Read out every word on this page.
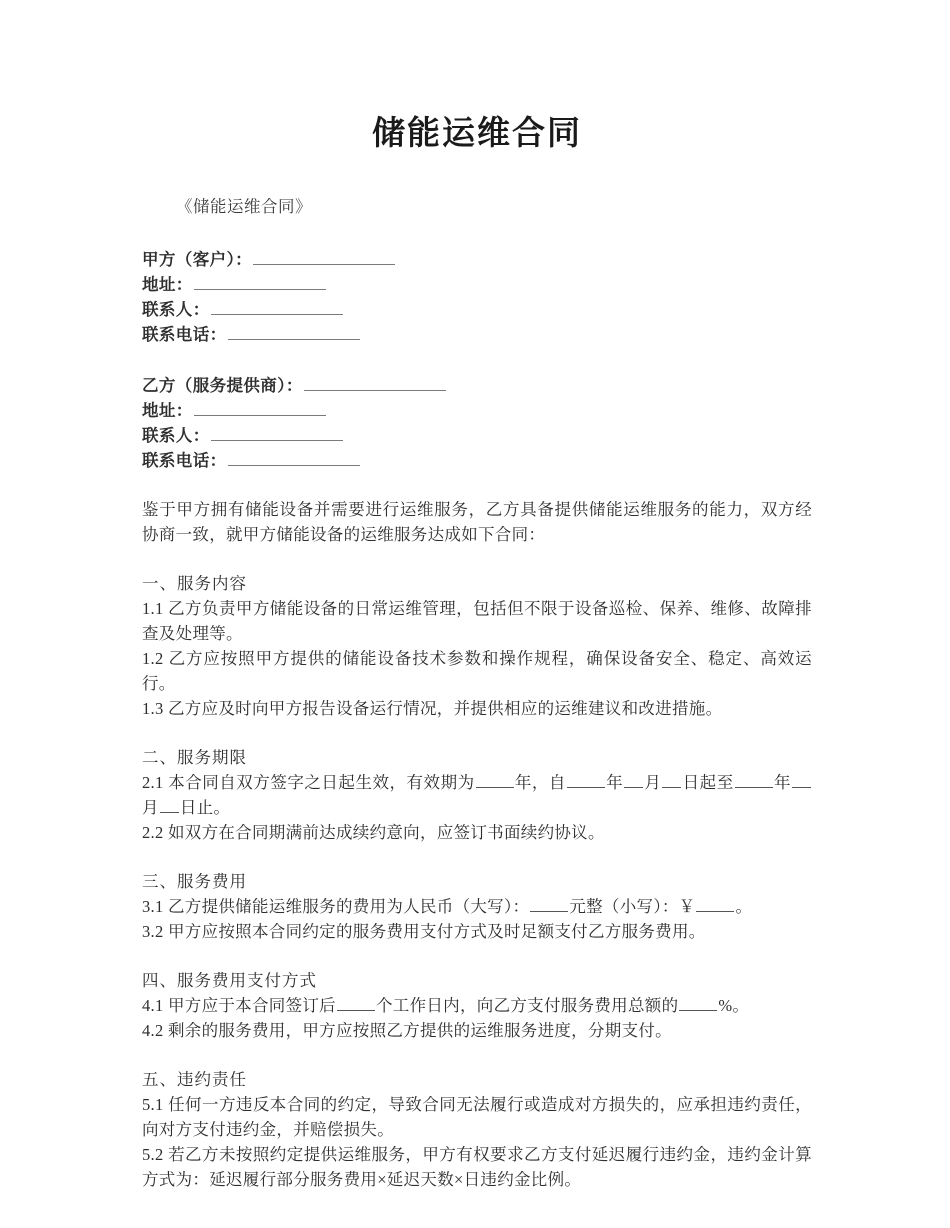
储能运维合同
《储能运维合同》
甲方（客户）：
地址：
联系人：
联系电话：
乙方（服务提供商）：
地址：
联系人：
联系电话：

鉴于甲方拥有储能设备并需要进行运维服务，乙方具备提供储能运维服务的能力，双方经协商一致，就甲方储能设备的运维服务达成如下合同：

一、服务内容

1.1 乙方负责甲方储能设备的日常运维管理，包括但不限于设备巡检、保养、维修、故障排查及处理等。

1.2 乙方应按照甲方提供的储能设备技术参数和操作规程，确保设备安全、稳定、高效运行。

1.3 乙方应及时向甲方报告设备运行情况，并提供相应的运维建议和改进措施。

二、服务期限

2.1 本合同自双方签字之日起生效，有效期为 年，自 年 月 日起至 年月 日止。

2.2 如双方在合同期满前达成续约意向，应签订书面续约协议。

三、服务费用

3.1 乙方提供储能运维服务的费用为人民币（大写）： 元整（小写）：￥ 。

3.2 甲方应按照本合同约定的服务费用支付方式及时足额支付乙方服务费用。

四、服务费用支付方式

4.1 甲方应于本合同签订后 个工作日内，向乙方支付服务费用总额的 %。

4.2 剩余的服务费用，甲方应按照乙方提供的运维服务进度，分期支付。

五、违约责任

5.1 任何一方违反本合同的约定，导致合同无法履行或造成对方损失的，应承担违约责任，向对方支付违约金，并赔偿损失。

5.2 若乙方未按照约定提供运维服务，甲方有权要求乙方支付延迟履行违约金，违约金计算方式为：延迟履行部分服务费用×延迟天数×日违约金比例。
